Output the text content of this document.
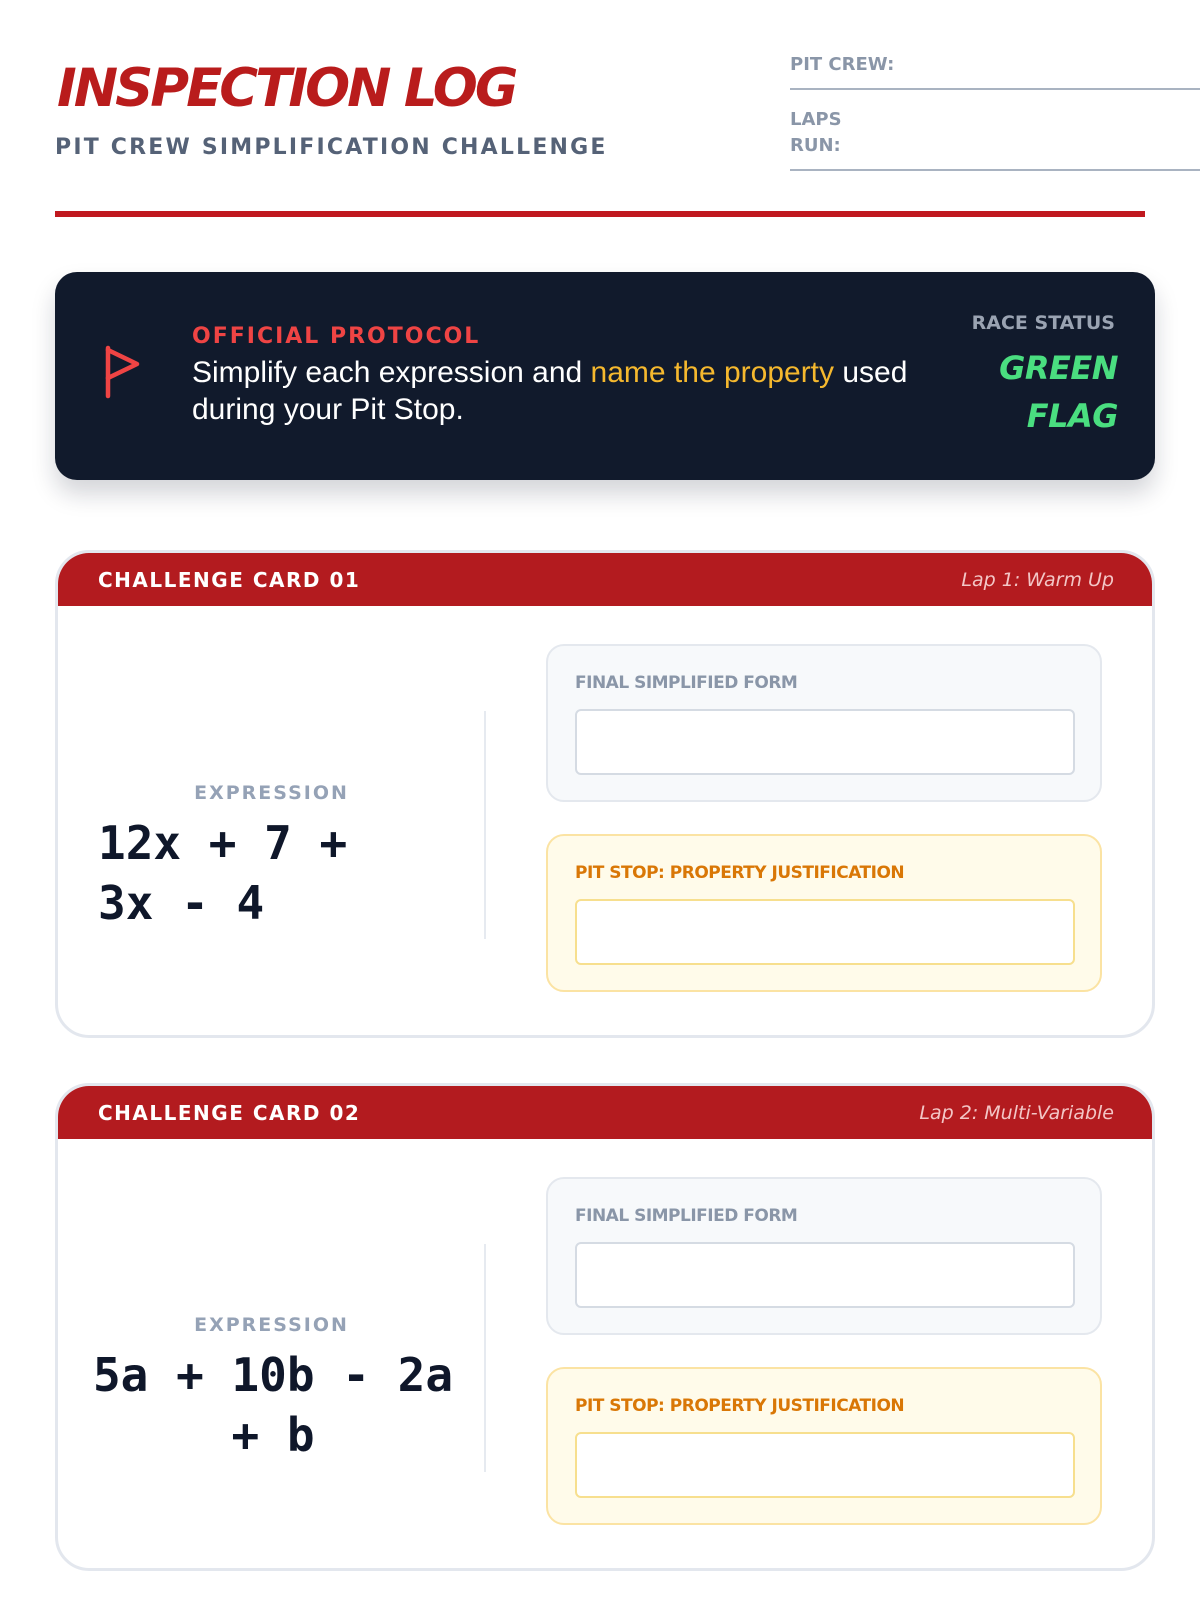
INSPECTION LOG
PIT CREW SIMPLIFICATION CHALLENGE
PIT CREW:
LAPS RUN:
OFFICIAL PROTOCOL
Simplify each expression and name the property used during your Pit Stop.
RACE STATUS
GREEN FLAG
CHALLENGE CARD 01	Lap 1: Warm Up
EXPRESSION
12x + 7 + 3x - 4
FINAL SIMPLIFIED FORM
PIT STOP: PROPERTY JUSTIFICATION
CHALLENGE CARD 02	Lap 2: Multi-Variable
EXPRESSION
5a + 10b - 2a + b
FINAL SIMPLIFIED FORM
PIT STOP: PROPERTY JUSTIFICATION
